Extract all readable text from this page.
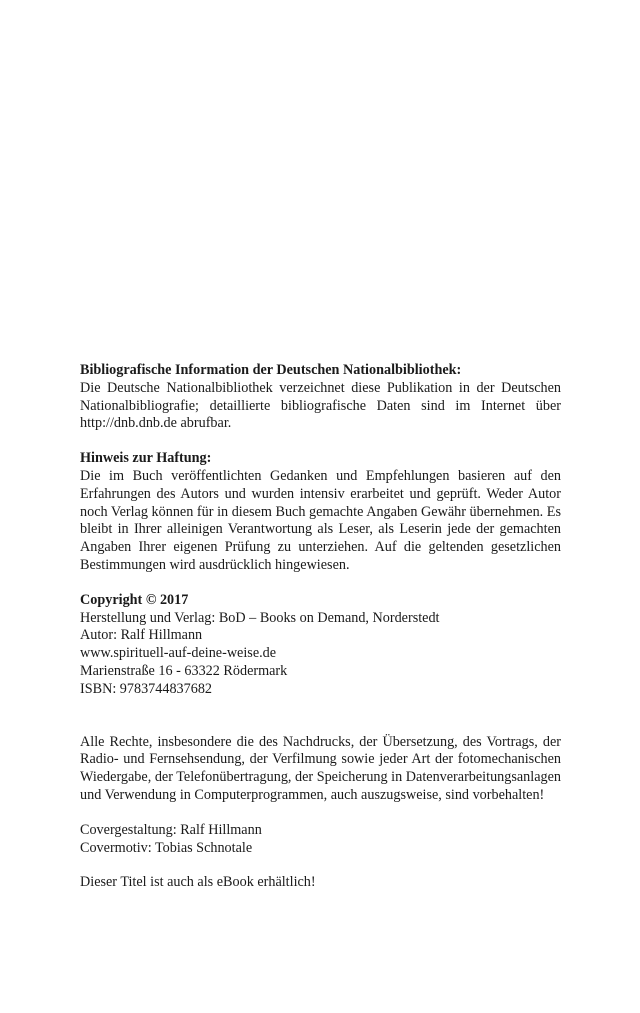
Bibliografische Information der Deutschen Nationalbibliothek:

Die Deutsche Nationalbibliothek verzeichnet diese Publikation in der Deutschen Nationalbibliografie; detaillierte bibliografische Daten sind im Internet über http://dnb.dnb.de abrufbar.

Hinweis zur Haftung:

Die im Buch veröffentlichten Gedanken und Empfehlungen basieren auf den Erfahrungen des Autors und wurden intensiv erarbeitet und geprüft. Weder Autor noch Verlag können für in diesem Buch gemachte Angaben Gewähr übernehmen. Es bleibt in Ihrer alleinigen Verantwortung als Leser, als Leserin jede der gemachten Angaben Ihrer eigenen Prüfung zu unterziehen. Auf die geltenden gesetzlichen Bestimmungen wird ausdrücklich hingewiesen.

Copyright © 2017

Herstellung und Verlag: BoD – Books on Demand, Norderstedt
Autor: Ralf Hillmann
www.spirituell-auf-deine-weise.de
Marienstraße 16 - 63322 Rödermark
ISBN: 9783744837682

Alle Rechte, insbesondere die des Nachdrucks, der Übersetzung, des Vortrags, der Radio- und Fernsehsendung, der Verfilmung sowie jeder Art der fotomechanischen Wiedergabe, der Telefonübertragung, der Speicherung in Datenverarbeitungsanlagen und Verwendung in Computerprogrammen, auch auszugsweise, sind vorbehalten!

Covergestaltung: Ralf Hillmann
Covermotiv: Tobias Schnotale

Dieser Titel ist auch als eBook erhältlich!
